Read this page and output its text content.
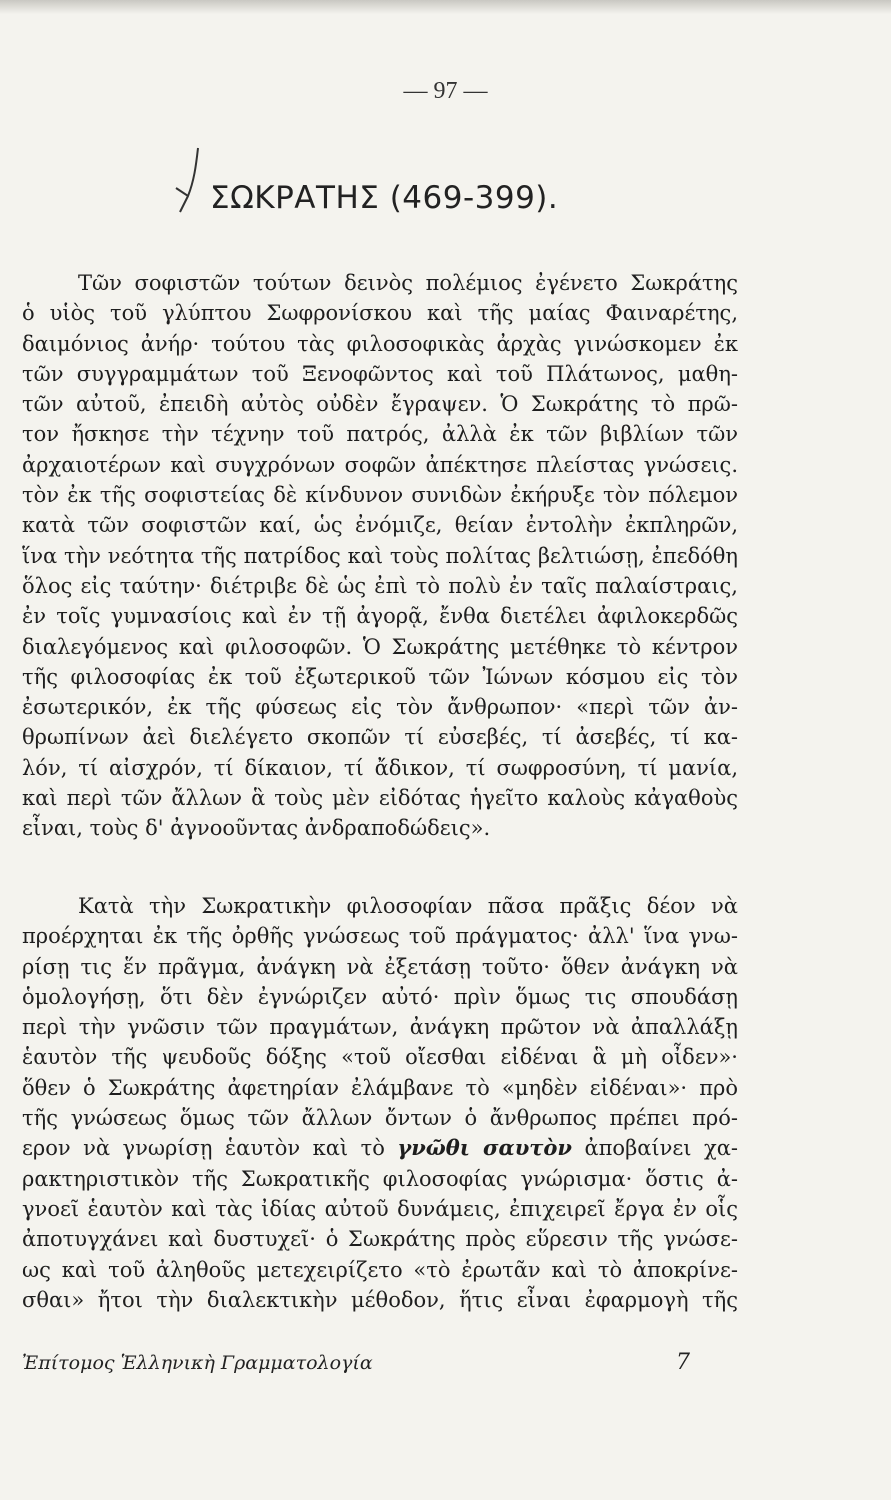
— 97 —
ΣΩΚΡΑΤΗΣ (469-399).
Τῶν σοφιστῶν τούτων δεινὸς πολέμιος ἐγένετο Σωκράτης
ὁ υἱὸς τοῦ γλύπτου Σωφρονίσκου καὶ τῆς μαίας Φαιναρέτης,
δαιμόνιος ἀνήρ· τούτου τὰς φιλοσοφικὰς ἀρχὰς γινώσκομεν ἐκ
τῶν συγγραμμάτων τοῦ Ξενοφῶντος καὶ τοῦ Πλάτωνος, μαθη-
τῶν αὐτοῦ, ἐπειδὴ αὐτὸς οὐδὲν ἔγραψεν. Ὁ Σωκράτης τὸ πρῶ-
τον ἤσκησε τὴν τέχνην τοῦ πατρός, ἀλλὰ ἐκ τῶν βιβλίων τῶν
ἀρχαιοτέρων καὶ συγχρόνων σοφῶν ἀπέκτησε πλείστας γνώσεις.
τὸν ἐκ τῆς σοφιστείας δὲ κίνδυνον συνιδὼν ἐκήρυξε τὸν πόλεμον
κατὰ τῶν σοφιστῶν καί, ὡς ἐνόμιζε, θείαν ἐντολὴν ἐκπληρῶν,
ἵνα τὴν νεότητα τῆς πατρίδος καὶ τοὺς πολίτας βελτιώσῃ, ἐπεδόθη
ὅλος εἰς ταύτην· διέτριβε δὲ ὡς ἐπὶ τὸ πολὺ ἐν ταῖς παλαίστραις,
ἐν τοῖς γυμνασίοις καὶ ἐν τῇ ἀγορᾷ, ἔνθα διετέλει ἀφιλοκερδῶς
διαλεγόμενος καὶ φιλοσοφῶν. Ὁ Σωκράτης μετέθηκε τὸ κέντρον
τῆς φιλοσοφίας ἐκ τοῦ ἐξωτερικοῦ τῶν Ἰώνων κόσμου εἰς τὸν
ἐσωτερικόν, ἐκ τῆς φύσεως εἰς τὸν ἄνθρωπον· «περὶ τῶν ἀν-
θρωπίνων ἀεὶ διελέγετο σκοπῶν τί εὐσεβές, τί ἀσεβές, τί κα-
λόν, τί αἰσχρόν, τί δίκαιον, τί ἄδικον, τί σωφροσύνη, τί μανία,
καὶ περὶ τῶν ἄλλων ἃ τοὺς μὲν εἰδότας ἡγεῖτο καλοὺς κἀγαθοὺς
εἶναι, τοὺς δ' ἀγνοοῦντας ἀνδραποδώδεις».
Κατὰ τὴν Σωκρατικὴν φιλοσοφίαν πᾶσα πρᾶξις δέον νὰ
προέρχηται ἐκ τῆς ὀρθῆς γνώσεως τοῦ πράγματος· ἀλλ' ἵνα γνω-
ρίσῃ τις ἕν πρᾶγμα, ἀνάγκη νὰ ἐξετάσῃ τοῦτο· ὅθεν ἀνάγκη νὰ
ὁμολογήσῃ, ὅτι δὲν ἐγνώριζεν αὐτό· πρὶν ὅμως τις σπουδάσῃ
περὶ τὴν γνῶσιν τῶν πραγμάτων, ἀνάγκη πρῶτον νὰ ἀπαλλάξῃ
ἑαυτὸν τῆς ψευδοῦς δόξης «τοῦ οἴεσθαι εἰδέναι ἃ μὴ οἶδεν»·
ὅθεν ὁ Σωκράτης ἀφετηρίαν ἐλάμβανε τὸ «μηδὲν εἰδέναι»· πρὸ
τῆς γνώσεως ὅμως τῶν ἄλλων ὄντων ὁ ἄνθρωπος πρέπει πρό-
ερον νὰ γνωρίσῃ ἑαυτὸν καὶ τὸ γνῶθι σαυτὸν ἀποβαίνει χα-
ρακτηριστικὸν τῆς Σωκρατικῆς φιλοσοφίας γνώρισμα· ὅστις ἀ-
γνοεῖ ἑαυτὸν καὶ τὰς ἰδίας αὐτοῦ δυνάμεις, ἐπιχειρεῖ ἔργα ἐν οἷς
ἀποτυγχάνει καὶ δυστυχεῖ· ὁ Σωκράτης πρὸς εὕρεσιν τῆς γνώσε-
ως καὶ τοῦ ἀληθοῦς μετεχειρίζετο «τὸ ἐρωτᾶν καὶ τὸ ἀποκρίνε-
σθαι» ἤτοι τὴν διαλεκτικὴν μέθοδον, ἥτις εἶναι ἐφαρμογὴ τῆς
Ἐπίτομος Ἑλληνικὴ Γραμματολογία	7
